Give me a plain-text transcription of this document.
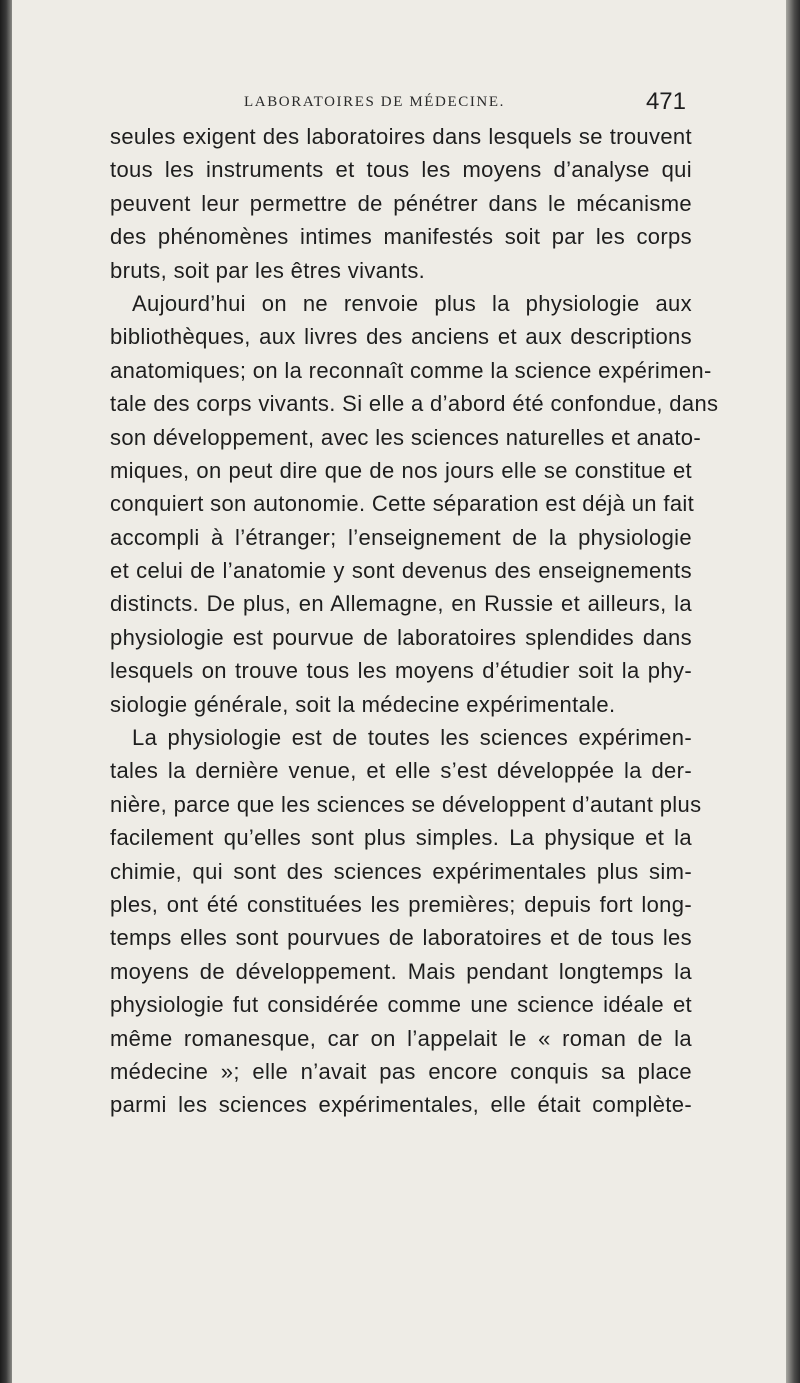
LABORATOIRES DE MÉDECINE.	471
seules exigent des laboratoires dans lesquels se trouvent
tous les instruments et tous les moyens d’analyse qui
peuvent leur permettre de pénétrer dans le mécanisme
des phénomènes intimes manifestés soit par les corps
bruts, soit par les êtres vivants.
Aujourd’hui on ne renvoie plus la physiologie aux
bibliothèques, aux livres des anciens et aux descriptions
anatomiques; on la reconnaît comme la science expérimen-
tale des corps vivants. Si elle a d’abord été confondue, dans
son développement, avec les sciences naturelles et anato-
miques, on peut dire que de nos jours elle se constitue et
conquiert son autonomie. Cette séparation est déjà un fait
accompli à l’étranger; l’enseignement de la physiologie
et celui de l’anatomie y sont devenus des enseignements
distincts. De plus, en Allemagne, en Russie et ailleurs, la
physiologie est pourvue de laboratoires splendides dans
lesquels on trouve tous les moyens d’étudier soit la phy-
siologie générale, soit la médecine expérimentale.
La physiologie est de toutes les sciences expérimen-
tales la dernière venue, et elle s’est développée la der-
nière, parce que les sciences se développent d’autant plus
facilement qu’elles sont plus simples. La physique et la
chimie, qui sont des sciences expérimentales plus sim-
ples, ont été constituées les premières; depuis fort long-
temps elles sont pourvues de laboratoires et de tous les
moyens de développement. Mais pendant longtemps la
physiologie fut considérée comme une science idéale et
même romanesque, car on l’appelait le « roman de la
médecine »; elle n’avait pas encore conquis sa place
parmi les sciences expérimentales, elle était complète-
